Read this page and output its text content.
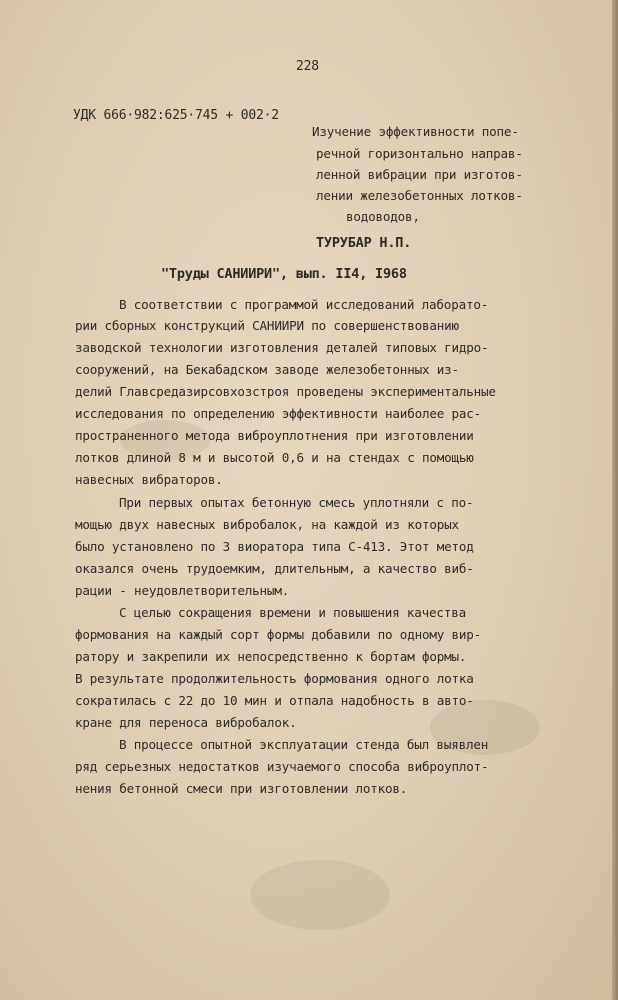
228
УДК 666·982:625·745 + 002·2
Изучение эффективности попе-
речной горизонтально направ-
ленной вибрации при изготов-
лении железобетонных лотков-
водоводов,
ТУРУБАР Н.П.
"Труды САНИИРИ", вып. II4, I968
В соответствии с программой исследований лаборато-
рии сборных конструкций САНИИРИ по совершенствованию
заводской технологии изготовления деталей типовых гидро-
сооружений, на Бекабадском заводе железобетонных из-
делий Главсредазирсовхозстроя проведены экспериментальные
исследования по определению эффективности наиболее рас-
пространенного метода виброуплотнения при изготовлении
лотков длиной 8 м и высотой 0,6 и на стендах с помощью
навесных вибраторов.
При первых опытах бетонную смесь уплотняли с по-
мощью двух навесных вибробалок, на каждой из которых
было установлено по 3 виоратора типа С-413. Этот метод
оказался очень трудоемким, длительным, а качество виб-
рации - неудовлетворительным.
С целью сокращения времени и повышения качества
формования на каждый сорт формы добавили по одному вир-
ратору и закрепили их непосредственно к бортам формы.
В результате продолжительность формования одного лотка
сократилась с 22 до 10 мин и отпала надобность в авто-
кране для переноса вибробалок.
В процессе опытной эксплуатации стенда был выявлен
ряд серьезных недостатков изучаемого способа виброуплот-
нения бетонной смеси при изготовлении лотков.
